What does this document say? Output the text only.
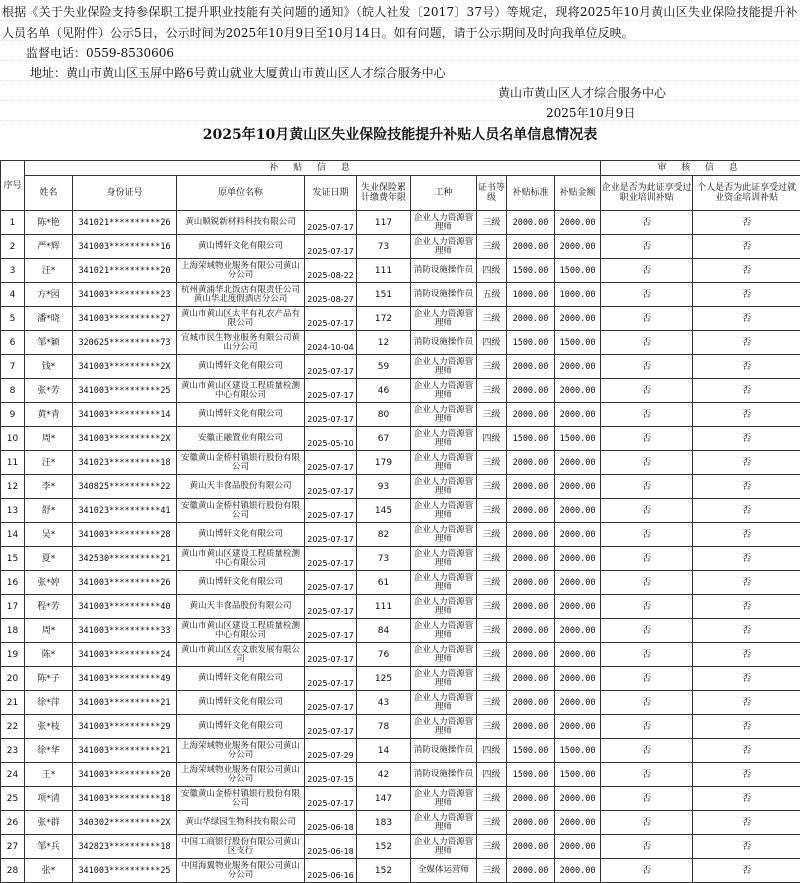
根据《关于失业保险支持参保职工提升职业技能有关问题的通知》（皖人社发〔2017〕37号）等规定，现将2025年10月黄山区失业保险技能提升补
人员名单（见附件）公示5日，公示时间为2025年10月9日至10月14日。如有问题，请于公示期间及时向我单位反映。
监督电话：0559-8530606
地址：黄山市黄山区玉屏中路6号黄山就业大厦黄山市黄山区人才综合服务中心
黄山市黄山区人才综合服务中心
2025年10月9日
2025年10月黄山区失业保险技能提升补贴人员名单信息情况表
序号	补 贴 信 息									审 核 信 息	
	姓名	身份证号	原单位名称	发证日期	失业保险累计缴费年限	工种	证书等级	补贴标准	补贴金额	企业是否为此证享受过职业培训补贴	个人是否为此证享受过就业资金培训补贴
1	陈*艳	341021**********26	黄山顺锐新材料科技有限公司	2025-07-17	117	企业人力资源管理师	三级	2000.00	2000.00	否	否
2	严*辉	341003**********16	黄山博轩文化有限公司	2025-07-17	73	企业人力资源管理师	三级	2000.00	2000.00	否	否
3	汪*	341021**********20	上海荣域物业服务有限公司黄山分公司	2025-08-22	111	消防设施操作员	四级	1500.00	1500.00	否	否
4	方*园	341003**********23	杭州黄浦华北饭店有限责任公司黄山华北度假酒店分公司	2025-08-27	151	消防设施操作员	五级	1000.00	1000.00	否	否
5	潘*晓	341003**********27	黄山市黄山区太平有礼农产品有限公司	2025-07-17	172	企业人力资源管理师	三级	2000.00	2000.00	否	否
6	邹*颖	320625**********73	宣城市民生物业服务有限公司黄山分公司	2024-10-04	12	消防设施操作员	四级	1500.00	1500.00	否	否
7	钱*	341003**********2X	黄山博轩文化有限公司	2025-07-17	59	企业人力资源管理师	三级	2000.00	2000.00	否	否
8	张*芳	341003**********25	黄山市黄山区建设工程质量检测中心有限公司	2025-07-17	46	企业人力资源管理师	三级	2000.00	2000.00	否	否
9	黄*青	341003**********14	黄山博轩文化有限公司	2025-07-17	80	企业人力资源管理师	三级	2000.00	2000.00	否	否
10	周*	341003**********2X	安徽正融置业有限公司	2025-05-10	67	企业人力资源管理师	四级	1500.00	1500.00	否	否
11	汪*	341023**********18	安徽黄山金桥村镇银行股份有限公司	2025-07-17	179	企业人力资源管理师	三级	2000.00	2000.00	否	否
12	李*	340825**********22	黄山天丰食品股份有限公司	2025-07-17	93	企业人力资源管理师	三级	2000.00	2000.00	否	否
13	舒*	341023**********41	安徽黄山金桥村镇银行股份有限公司	2025-07-17	145	企业人力资源管理师	三级	2000.00	2000.00	否	否
14	吴*	341003**********28	黄山博轩文化有限公司	2025-07-17	82	企业人力资源管理师	三级	2000.00	2000.00	否	否
15	夏*	342530**********21	黄山市黄山区建设工程质量检测中心有限公司	2025-07-17	73	企业人力资源管理师	三级	2000.00	2000.00	否	否
16	张*婷	341003**********26	黄山博轩文化有限公司	2025-07-17	61	企业人力资源管理师	三级	2000.00	2000.00	否	否
17	程*芳	341003**********40	黄山天丰食品股份有限公司	2025-07-17	111	企业人力资源管理师	三级	2000.00	2000.00	否	否
18	周*	341003**********33	黄山市黄山区建设工程质量检测中心有限公司	2025-07-17	84	企业人力资源管理师	三级	2000.00	2000.00	否	否
19	陈*	341003**********24	黄山市黄山区农文旅发展有限公司	2025-07-17	76	企业人力资源管理师	三级	2000.00	2000.00	否	否
20	陈*子	341003**********49	黄山博轩文化有限公司	2025-07-17	125	企业人力资源管理师	三级	2000.00	2000.00	否	否
21	徐*萍	341003**********21	黄山博轩文化有限公司	2025-07-17	43	企业人力资源管理师	三级	2000.00	2000.00	否	否
22	张*枝	341003**********29	黄山博轩文化有限公司	2025-07-17	78	企业人力资源管理师	三级	2000.00	2000.00	否	否
23	徐*华	341003**********21	上海荣域物业服务有限公司黄山分公司	2025-07-29	14	消防设施操作员	四级	1500.00	1500.00	否	否
24	王*	341003**********20	上海荣域物业服务有限公司黄山分公司	2025-07-15	42	消防设施操作员	四级	1500.00	1500.00	否	否
25	项*清	341003**********18	安徽黄山金桥村镇银行股份有限公司	2025-07-17	147	企业人力资源管理师	三级	2000.00	2000.00	否	否
26	张*群	340302**********2X	黄山华绿园生物科技有限公司	2025-06-18	183	企业人力资源管理师	三级	2000.00	2000.00	否	否
27	邹*兵	342823**********18	中国工商银行股份有限公司黄山区支行	2025-06-18	152	企业人力资源管理师	三级	2000.00	2000.00	否	否
28	张*	341003**********25	中国海翼物业服务有限公司黄山分公司	2025-06-16	152	全媒体运营师	三级	2000.00	2000.00	否	否
